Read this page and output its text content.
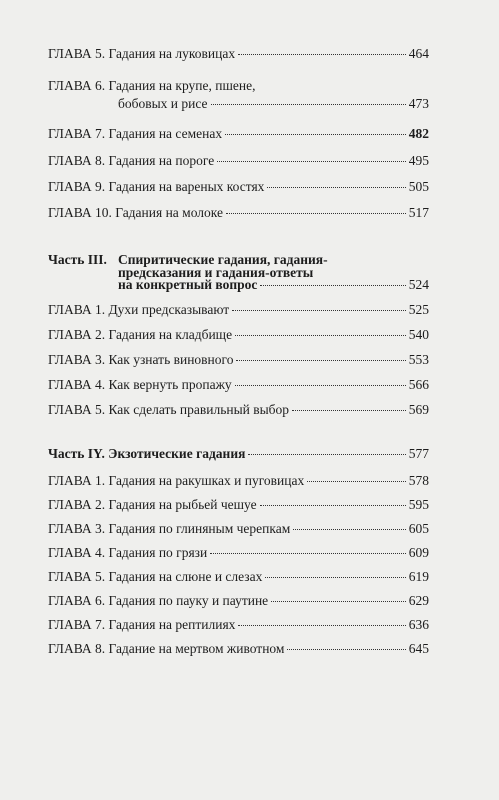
ГЛАВА 5. Гадания на луковицах	464
ГЛАВА 6. Гадания на крупе, пшене,
бобовых и рисе	473
ГЛАВА 7. Гадания на семенах	482
ГЛАВА 8. Гадания на пороге	495
ГЛАВА 9. Гадания на вареных костях	505
ГЛАВА 10. Гадания на молоке	517
Часть III. Спиритические гадания, гадания-
предсказания и гадания-ответы
на конкретный вопрос	524
ГЛАВА 1. Духи предсказывают	525
ГЛАВА 2. Гадания на кладбище	540
ГЛАВА 3. Как узнать виновного	553
ГЛАВА 4. Как вернуть пропажу	566
ГЛАВА 5. Как сделать правильный выбор	569
Часть IY. Экзотические гадания	577
ГЛАВА 1. Гадания на ракушках и пуговицах	578
ГЛАВА 2. Гадания на рыбьей чешуе	595
ГЛАВА 3. Гадания по глиняным черепкам	605
ГЛАВА 4. Гадания по грязи	609
ГЛАВА 5. Гадания на слюне и слезах	619
ГЛАВА 6. Гадания по пауку и паутине	629
ГЛАВА 7. Гадания на рептилиях	636
ГЛАВА 8. Гадание на мертвом животном	645
